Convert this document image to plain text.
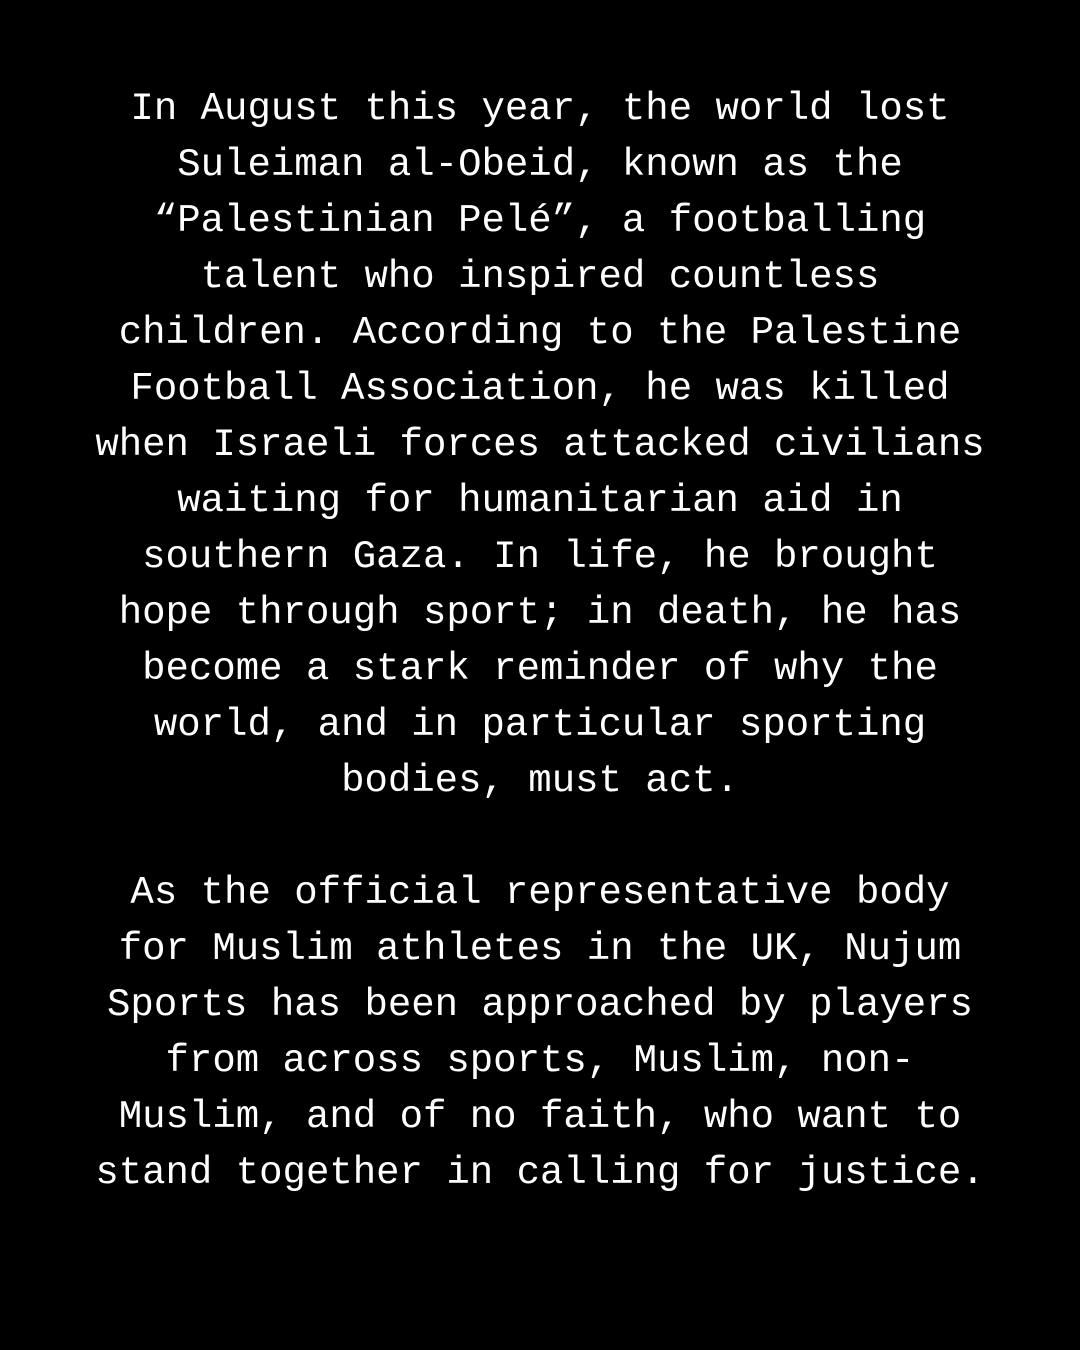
In August this year, the world lost
Suleiman al-Obeid, known as the
“Palestinian Pelé”, a footballing
talent who inspired countless
children. According to the Palestine
Football Association, he was killed
when Israeli forces attacked civilians
waiting for humanitarian aid in
southern Gaza. In life, he brought
hope through sport; in death, he has
become a stark reminder of why the
world, and in particular sporting
bodies, must act.

As the official representative body
for Muslim athletes in the UK, Nujum
Sports has been approached by players
from across sports, Muslim, non-
Muslim, and of no faith, who want to
stand together in calling for justice.
